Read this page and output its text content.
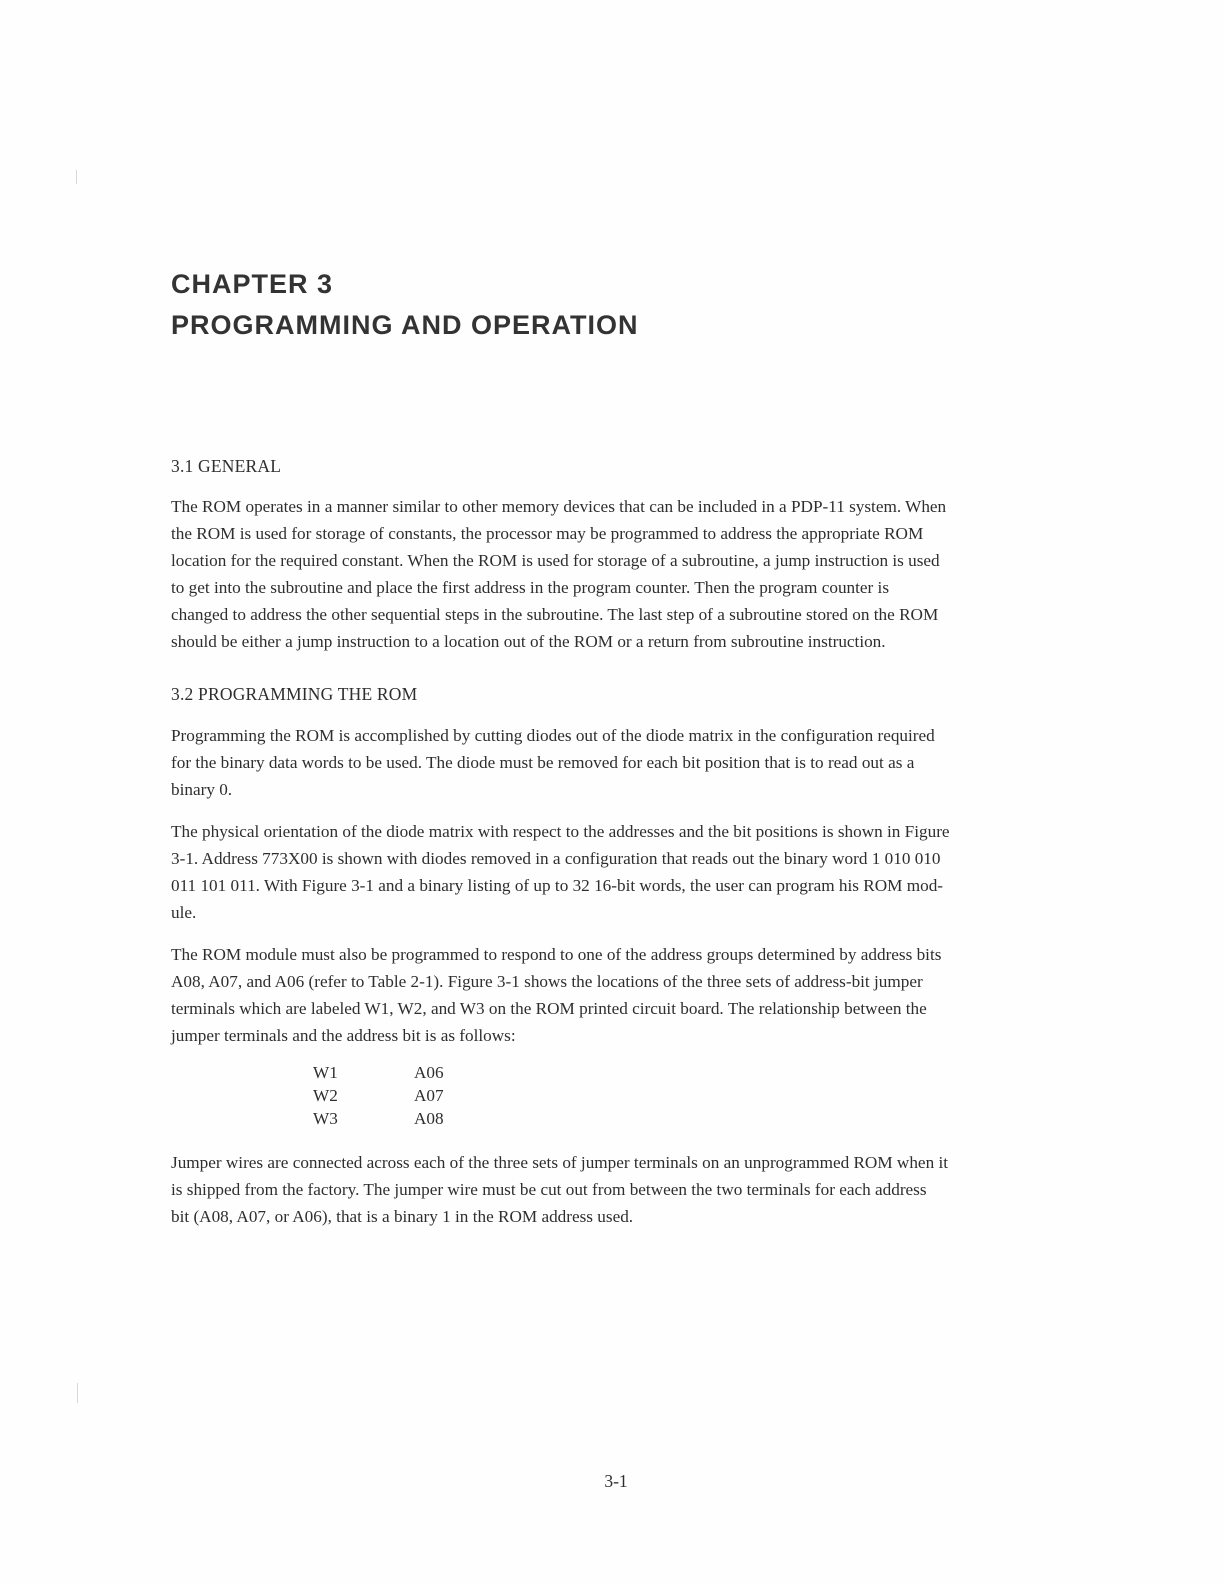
CHAPTER 3
PROGRAMMING AND OPERATION
3.1 GENERAL

The ROM operates in a manner similar to other memory devices that can be included in a PDP-11 system. When
the ROM is used for storage of constants, the processor may be programmed to address the appropriate ROM
location for the required constant. When the ROM is used for storage of a subroutine, a jump instruction is used
to get into the subroutine and place the first address in the program counter. Then the program counter is
changed to address the other sequential steps in the subroutine. The last step of a subroutine stored on the ROM
should be either a jump instruction to a location out of the ROM or a return from subroutine instruction.

3.2 PROGRAMMING THE ROM

Programming the ROM is accomplished by cutting diodes out of the diode matrix in the configuration required
for the binary data words to be used. The diode must be removed for each bit position that is to read out as a
binary 0.

The physical orientation of the diode matrix with respect to the addresses and the bit positions is shown in Figure
3-1. Address 773X00 is shown with diodes removed in a configuration that reads out the binary word 1 010 010
011 101 011. With Figure 3-1 and a binary listing of up to 32 16-bit words, the user can program his ROM mod-
ule.

The ROM module must also be programmed to respond to one of the address groups determined by address bits
A08, A07, and A06 (refer to Table 2-1). Figure 3-1 shows the locations of the three sets of address-bit jumper
terminals which are labeled W1, W2, and W3 on the ROM printed circuit board. The relationship between the
jumper terminals and the address bit is as follows:

W1	A06
W2	A07
W3	A08

Jumper wires are connected across each of the three sets of jumper terminals on an unprogrammed ROM when it
is shipped from the factory. The jumper wire must be cut out from between the two terminals for each address
bit (A08, A07, or A06), that is a binary 1 in the ROM address used.

3-1
